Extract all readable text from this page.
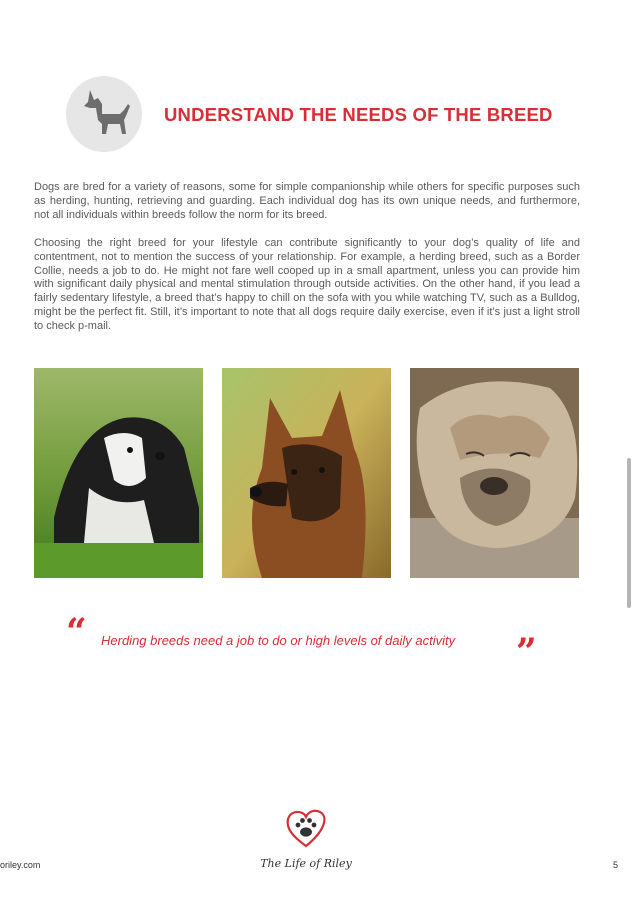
UNDERSTAND THE NEEDS OF THE BREED

Dogs are bred for a variety of reasons, some for simple companionship while others for specific purposes such as herding, hunting, retrieving and guarding. Each individual dog has its own unique needs, and furthermore, not all individuals within breeds follow the norm for its breed.

Choosing the right breed for your lifestyle can contribute significantly to your dog’s quality of life and contentment, not to mention the success of your relationship. For example, a herding breed, such as a Border Collie, needs a job to do. He might not fare well cooped up in a small apartment, unless you can provide him with significant daily physical and mental stimulation through outside activities. On the other hand, if you lead a fairly sedentary lifestyle, a breed that’s happy to chill on the sofa with you while watching TV, such as a Bulldog, might be the perfect fit. Still, it’s important to note that all dogs require daily exercise, even if it’s just a light stroll to check p-mail.

“ Herding breeds need a job to do or high levels of daily activity	”
The Life of Riley
oriley.com	5
